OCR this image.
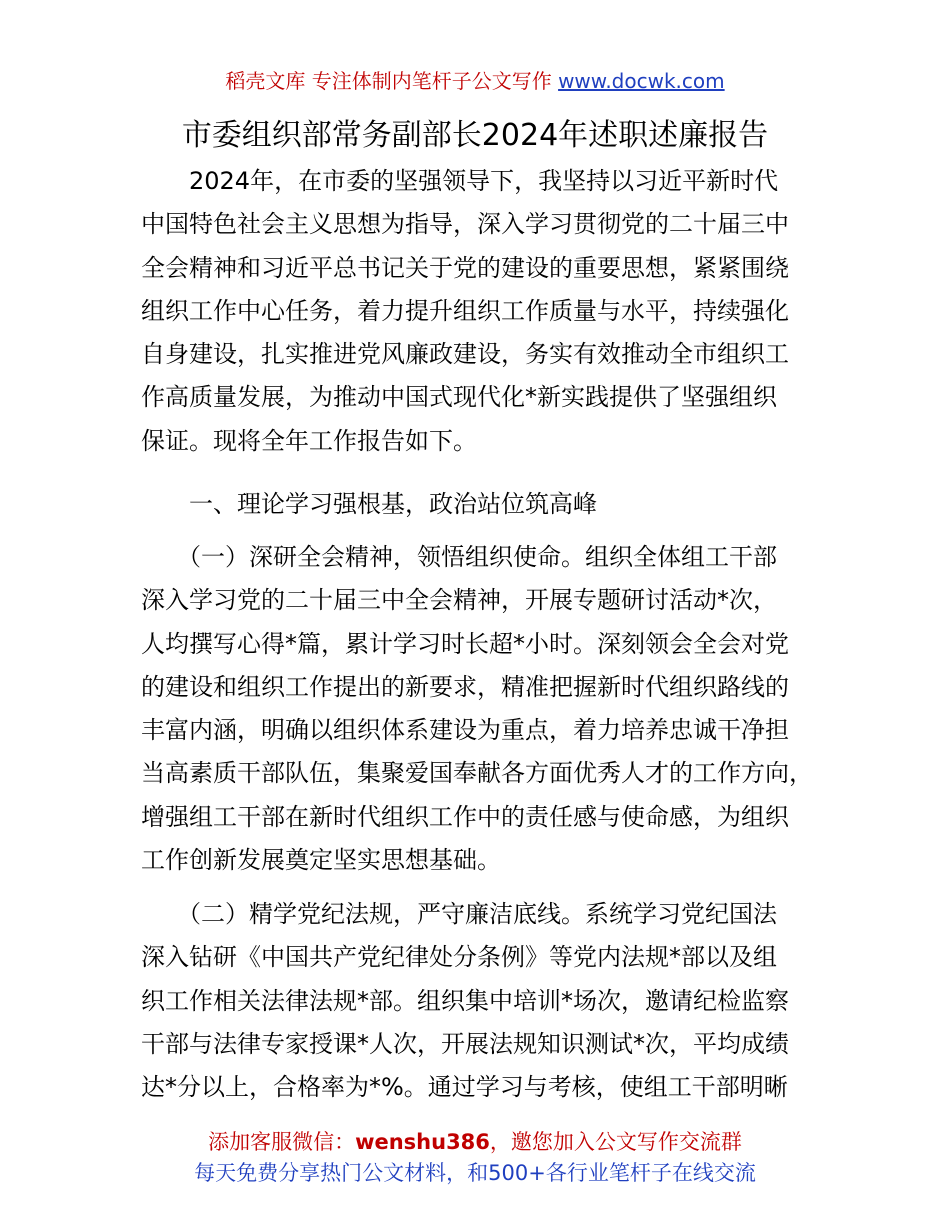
稻壳文库 专注体制内笔杆子公文写作 www.docwk.com
市委组织部常务副部长2024年述职述廉报告

　　2024年，在市委的坚强领导下，我坚持以习近平新时代
中国特色社会主义思想为指导，深入学习贯彻党的二十届三中
全会精神和习近平总书记关于党的建设的重要思想，紧紧围绕
组织工作中心任务，着力提升组织工作质量与水平，持续强化
自身建设，扎实推进党风廉政建设，务实有效推动全市组织工
作高质量发展，为推动中国式现代化*新实践提供了坚强组织
保证。现将全年工作报告如下。

　　一、理论学习强根基，政治站位筑高峰

　　（一）深研全会精神，领悟组织使命。组织全体组工干部
深入学习党的二十届三中全会精神，开展专题研讨活动*次，
人均撰写心得*篇，累计学习时长超*小时。深刻领会全会对党
的建设和组织工作提出的新要求，精准把握新时代组织路线的
丰富内涵，明确以组织体系建设为重点，着力培养忠诚干净担
当高素质干部队伍，集聚爱国奉献各方面优秀人才的工作方向，
增强组工干部在新时代组织工作中的责任感与使命感，为组织
工作创新发展奠定坚实思想基础。

　　（二）精学党纪法规，严守廉洁底线。系统学习党纪国法
深入钻研《中国共产党纪律处分条例》等党内法规*部以及组
织工作相关法律法规*部。组织集中培训*场次，邀请纪检监察
干部与法律专家授课*人次，开展法规知识测试*次，平均成绩
达*分以上，合格率为*%。通过学习与考核，使组工干部明晰

添加客服微信：wenshu386，邀您加入公文写作交流群
每天免费分享热门公文材料，和500+各行业笔杆子在线交流
